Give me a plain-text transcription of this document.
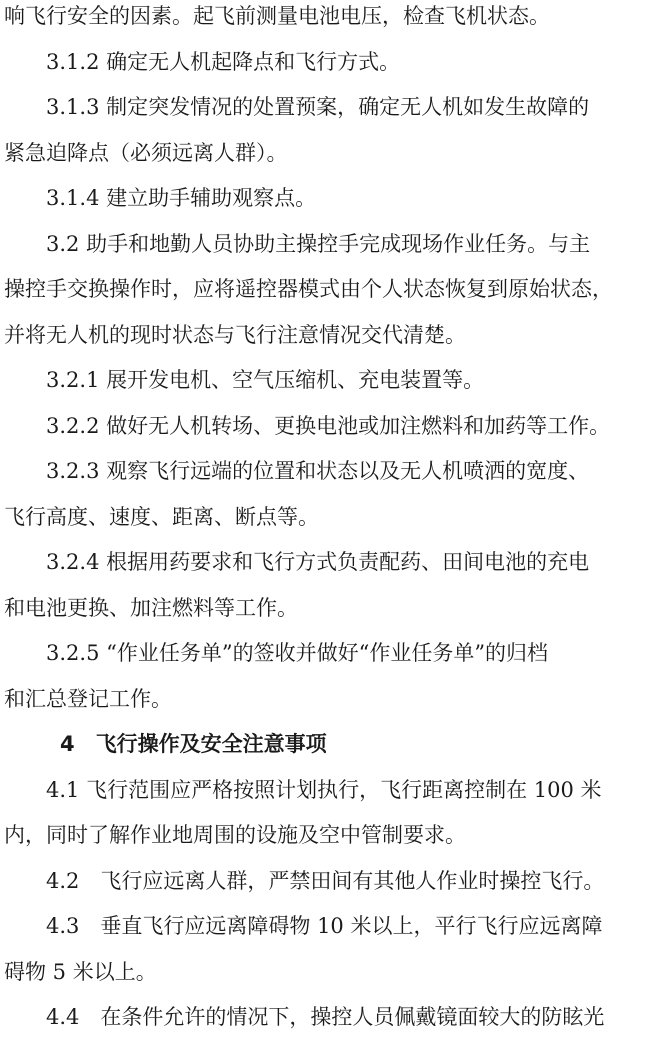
响飞行安全的因素。起飞前测量电池电压，检查飞机状态。

3.1.2 确定无人机起降点和飞行方式。

3.1.3 制定突发情况的处置预案，确定无人机如发生故障的
紧急迫降点（必须远离人群）。

3.1.4 建立助手辅助观察点。

3.2 助手和地勤人员协助主操控手完成现场作业任务。与主
操控手交换操作时，应将遥控器模式由个人状态恢复到原始状态，
并将无人机的现时状态与飞行注意情况交代清楚。

3.2.1 展开发电机、空气压缩机、充电装置等。

3.2.2 做好无人机转场、更换电池或加注燃料和加药等工作。

3.2.3 观察飞行远端的位置和状态以及无人机喷洒的宽度、
飞行高度、速度、距离、断点等。

3.2.4 根据用药要求和飞行方式负责配药、田间电池的充电
和电池更换、加注燃料等工作。

3.2.5 “作业任务单”的签收并做好“作业任务单”的归档
和汇总登记工作。

4　飞行操作及安全注意事项

4.1 飞行范围应严格按照计划执行，飞行距离控制在 100 米
内，同时了解作业地周围的设施及空中管制要求。

4.2　飞行应远离人群，严禁田间有其他人作业时操控飞行。

4.3　垂直飞行应远离障碍物 10 米以上，平行飞行应远离障
碍物 5 米以上。

4.4　在条件允许的情况下，操控人员佩戴镜面较大的防眩光
